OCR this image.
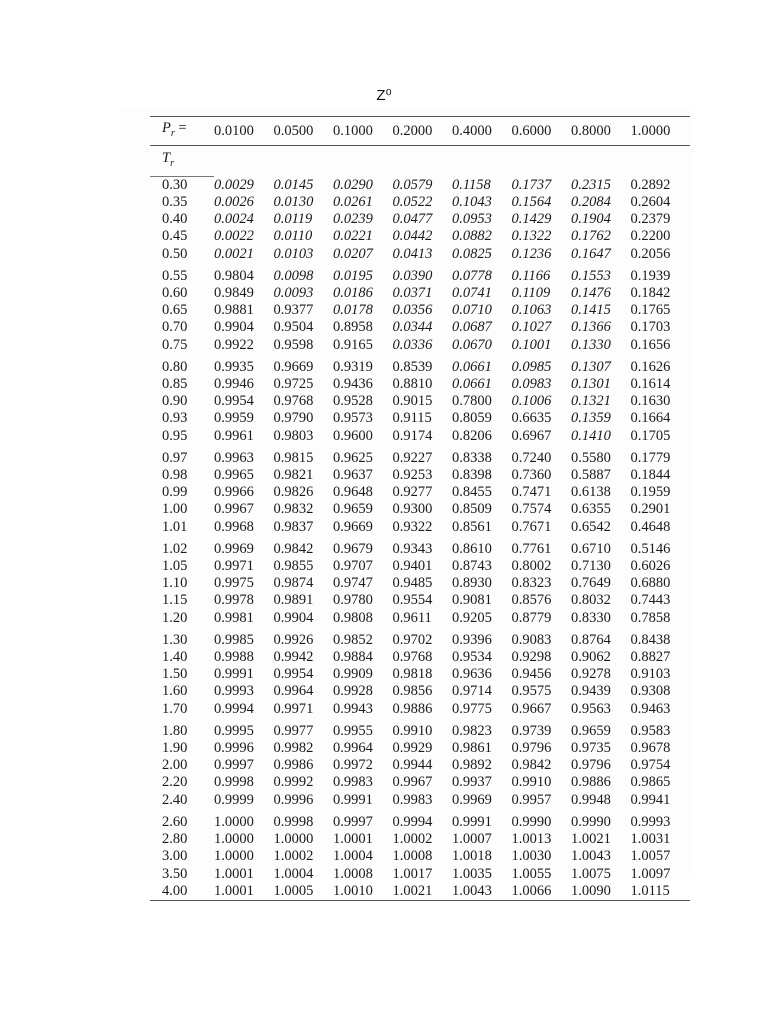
Z⁰
$P_r$ =	0.0100	0.0500	0.1000	0.2000	0.4000	0.6000	0.8000	1.0000
$T_r$	
0.30	0.0029	0.0145	0.0290	0.0579	0.1158	0.1737	0.2315	0.2892
0.35	0.0026	0.0130	0.0261	0.0522	0.1043	0.1564	0.2084	0.2604
0.40	0.0024	0.0119	0.0239	0.0477	0.0953	0.1429	0.1904	0.2379
0.45	0.0022	0.0110	0.0221	0.0442	0.0882	0.1322	0.1762	0.2200
0.50	0.0021	0.0103	0.0207	0.0413	0.0825	0.1236	0.1647	0.2056
0.55	0.9804	0.0098	0.0195	0.0390	0.0778	0.1166	0.1553	0.1939
0.60	0.9849	0.0093	0.0186	0.0371	0.0741	0.1109	0.1476	0.1842
0.65	0.9881	0.9377	0.0178	0.0356	0.0710	0.1063	0.1415	0.1765
0.70	0.9904	0.9504	0.8958	0.0344	0.0687	0.1027	0.1366	0.1703
0.75	0.9922	0.9598	0.9165	0.0336	0.0670	0.1001	0.1330	0.1656
0.80	0.9935	0.9669	0.9319	0.8539	0.0661	0.0985	0.1307	0.1626
0.85	0.9946	0.9725	0.9436	0.8810	0.0661	0.0983	0.1301	0.1614
0.90	0.9954	0.9768	0.9528	0.9015	0.7800	0.1006	0.1321	0.1630
0.93	0.9959	0.9790	0.9573	0.9115	0.8059	0.6635	0.1359	0.1664
0.95	0.9961	0.9803	0.9600	0.9174	0.8206	0.6967	0.1410	0.1705
0.97	0.9963	0.9815	0.9625	0.9227	0.8338	0.7240	0.5580	0.1779
0.98	0.9965	0.9821	0.9637	0.9253	0.8398	0.7360	0.5887	0.1844
0.99	0.9966	0.9826	0.9648	0.9277	0.8455	0.7471	0.6138	0.1959
1.00	0.9967	0.9832	0.9659	0.9300	0.8509	0.7574	0.6355	0.2901
1.01	0.9968	0.9837	0.9669	0.9322	0.8561	0.7671	0.6542	0.4648
1.02	0.9969	0.9842	0.9679	0.9343	0.8610	0.7761	0.6710	0.5146
1.05	0.9971	0.9855	0.9707	0.9401	0.8743	0.8002	0.7130	0.6026
1.10	0.9975	0.9874	0.9747	0.9485	0.8930	0.8323	0.7649	0.6880
1.15	0.9978	0.9891	0.9780	0.9554	0.9081	0.8576	0.8032	0.7443
1.20	0.9981	0.9904	0.9808	0.9611	0.9205	0.8779	0.8330	0.7858
1.30	0.9985	0.9926	0.9852	0.9702	0.9396	0.9083	0.8764	0.8438
1.40	0.9988	0.9942	0.9884	0.9768	0.9534	0.9298	0.9062	0.8827
1.50	0.9991	0.9954	0.9909	0.9818	0.9636	0.9456	0.9278	0.9103
1.60	0.9993	0.9964	0.9928	0.9856	0.9714	0.9575	0.9439	0.9308
1.70	0.9994	0.9971	0.9943	0.9886	0.9775	0.9667	0.9563	0.9463
1.80	0.9995	0.9977	0.9955	0.9910	0.9823	0.9739	0.9659	0.9583
1.90	0.9996	0.9982	0.9964	0.9929	0.9861	0.9796	0.9735	0.9678
2.00	0.9997	0.9986	0.9972	0.9944	0.9892	0.9842	0.9796	0.9754
2.20	0.9998	0.9992	0.9983	0.9967	0.9937	0.9910	0.9886	0.9865
2.40	0.9999	0.9996	0.9991	0.9983	0.9969	0.9957	0.9948	0.9941
2.60	1.0000	0.9998	0.9997	0.9994	0.9991	0.9990	0.9990	0.9993
2.80	1.0000	1.0000	1.0001	1.0002	1.0007	1.0013	1.0021	1.0031
3.00	1.0000	1.0002	1.0004	1.0008	1.0018	1.0030	1.0043	1.0057
3.50	1.0001	1.0004	1.0008	1.0017	1.0035	1.0055	1.0075	1.0097
4.00	1.0001	1.0005	1.0010	1.0021	1.0043	1.0066	1.0090	1.0115
